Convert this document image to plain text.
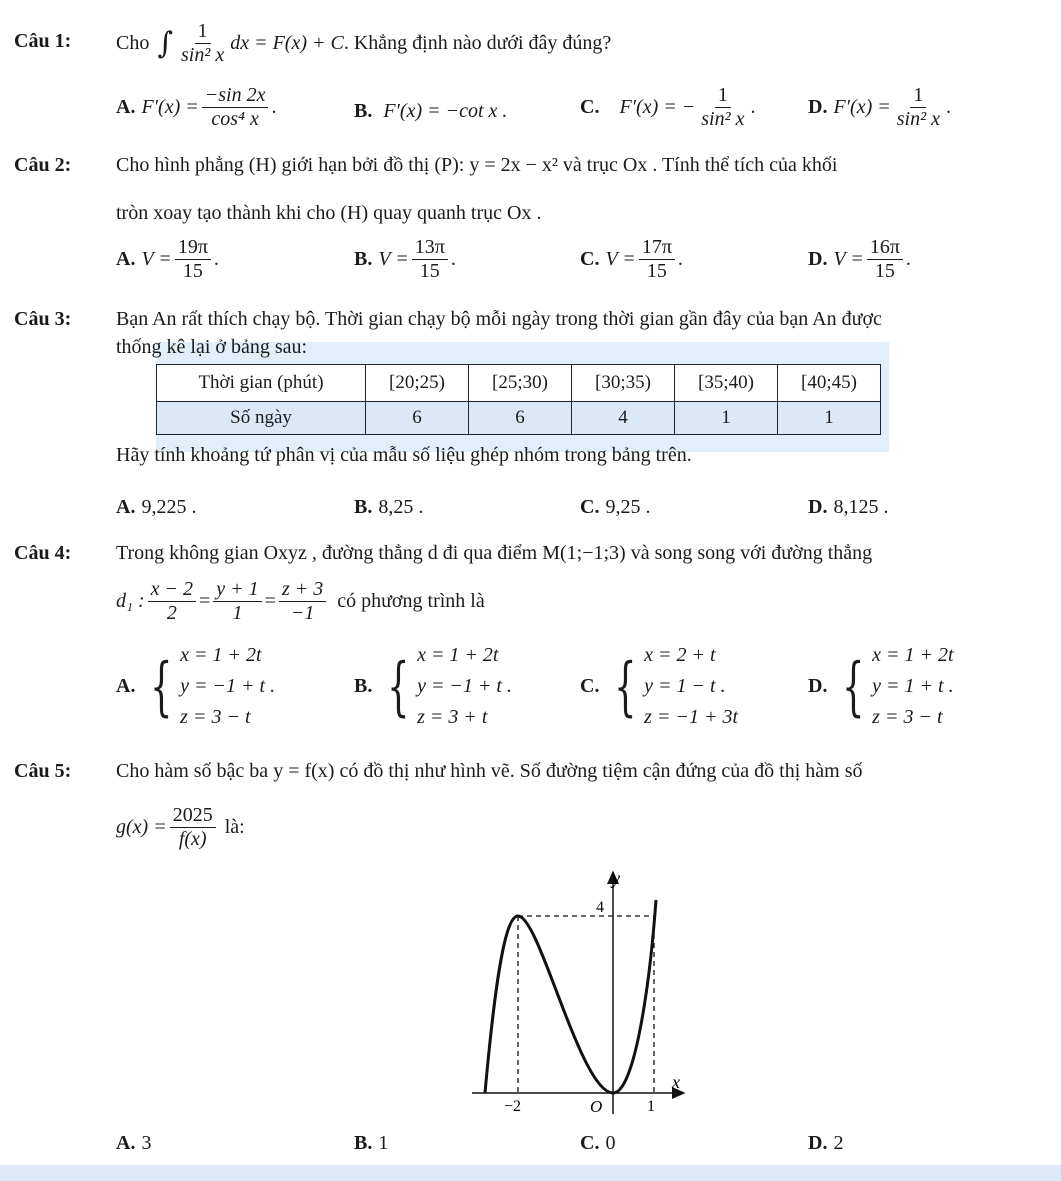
Câu 1: Cho ∫ $\frac{1}{\text{sin² x}}$ dx = F(x) + C . Khẳng định nào dưới đây đúng?
A. $F'(x) = \frac{-\sin 2x}{\text{cos⁴ x}}$ .	B. F′(x) = −cot x .	C. F′(x) = − $\frac{1}{\text{sin² x}}$ .	D. $F'(x) = \frac{1}{\text{sin² x}}$ .
Câu 2: Cho hình phẳng (H) giới hạn bởi đồ thị (P): y = 2x − x² và trục Ox . Tính thể tích của khối
tròn xoay tạo thành khi cho (H) quay quanh trục Ox .
A. $V = \frac{19\pi}{15}$ .	B. $V = \frac{13\pi}{15}$ .	C. $V = \frac{17\pi}{15}$ .	D. $V = \frac{16\pi}{15}$ .
Câu 3: Bạn An rất thích chạy bộ. Thời gian chạy bộ mỗi ngày trong thời gian gần đây của bạn An được
thống kê lại ở bảng sau:
Thời gian (phút)	[20;25)	[25;30)	[30;35)	[35;40)	[40;45)
Số ngày	6	6	4	1	1
Hãy tính khoảng tứ phân vị của mẫu số liệu ghép nhóm trong bảng trên.
A. 9,225 .	B. 8,25 .	C. 9,25 .	D. 8,125 .
Câu 4: Trong không gian Oxyz , đường thẳng d đi qua điểm M(1;−1;3) và song song với đường thẳng
d₁ : $\frac{x - 2}{2} = \frac{y + 1}{1} = \frac{z + 3}{-1}$ có phương trình là
A. { x = 1 + 2t
y = −1 + t .
z = 3 − t
B. { x = 1 + 2t
y = −1 + t .
z = 3 + t
C. { x = 2 + t
y = 1 − t .
z = −1 + 3t
D. { x = 1 + 2t
y = 1 + t .
z = 3 − t
Câu 5: Cho hàm số bậc ba y = f(x) có đồ thị như hình vẽ. Số đường tiệm cận đứng của đồ thị hàm số
$g(x) = \frac{2025}{f(x)}$ là:
y
x
O
−2	1
4
A. 3	B. 1	C. 0	D. 2
